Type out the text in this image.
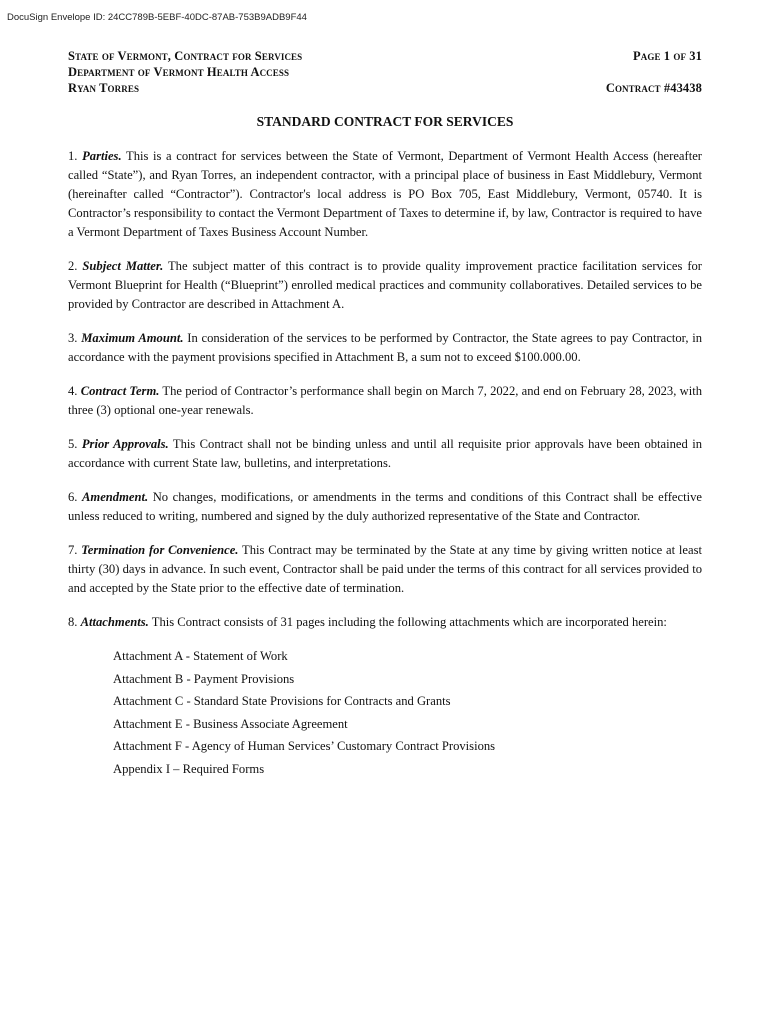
DocuSign Envelope ID: 24CC789B-5EBF-40DC-87AB-753B9ADB9F44
State of Vermont, Contract for Services
Department of Vermont Health Access
Ryan Torres
Page 1 of 31
Contract #43438
STANDARD CONTRACT FOR SERVICES

1. Parties. This is a contract for services between the State of Vermont, Department of Vermont Health Access (hereafter called “State”), and Ryan Torres, an independent contractor, with a principal place of business in East Middlebury, Vermont (hereinafter called “Contractor”). Contractor's local address is PO Box 705, East Middlebury, Vermont, 05740. It is Contractor’s responsibility to contact the Vermont Department of Taxes to determine if, by law, Contractor is required to have a Vermont Department of Taxes Business Account Number.

2. Subject Matter. The subject matter of this contract is to provide quality improvement practice facilitation services for Vermont Blueprint for Health (“Blueprint”) enrolled medical practices and community collaboratives. Detailed services to be provided by Contractor are described in Attachment A.

3. Maximum Amount. In consideration of the services to be performed by Contractor, the State agrees to pay Contractor, in accordance with the payment provisions specified in Attachment B, a sum not to exceed $100.000.00.

4. Contract Term. The period of Contractor’s performance shall begin on March 7, 2022, and end on February 28, 2023, with three (3) optional one-year renewals.

5. Prior Approvals. This Contract shall not be binding unless and until all requisite prior approvals have been obtained in accordance with current State law, bulletins, and interpretations.

6. Amendment. No changes, modifications, or amendments in the terms and conditions of this Contract shall be effective unless reduced to writing, numbered and signed by the duly authorized representative of the State and Contractor.

7. Termination for Convenience. This Contract may be terminated by the State at any time by giving written notice at least thirty (30) days in advance. In such event, Contractor shall be paid under the terms of this contract for all services provided to and accepted by the State prior to the effective date of termination.

8. Attachments. This Contract consists of 31 pages including the following attachments which are incorporated herein:

Attachment A - Statement of Work
Attachment B - Payment Provisions
Attachment C - Standard State Provisions for Contracts and Grants
Attachment E - Business Associate Agreement
Attachment F - Agency of Human Services’ Customary Contract Provisions
Appendix I – Required Forms
